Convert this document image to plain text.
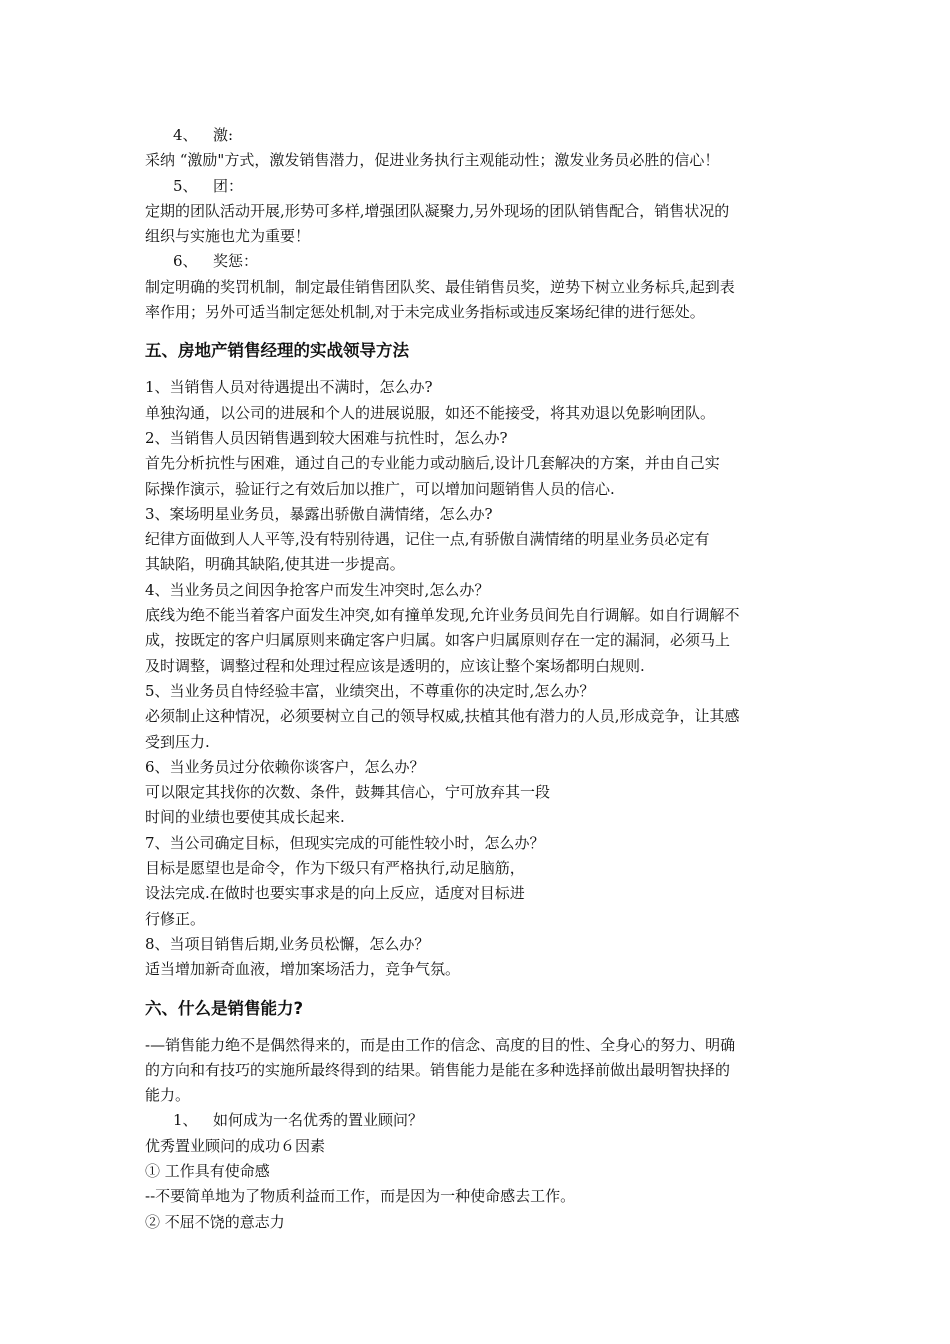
4、 激:
采纳 “激励"方式，激发销售潜力，促进业务执行主观能动性；激发业务员必胜的信心！
5、 团：
定期的团队活动开展,形势可多样,增强团队凝聚力,另外现场的团队销售配合，销售状况的
组织与实施也尤为重要！
6、 奖惩：
制定明确的奖罚机制，制定最佳销售团队奖、最佳销售员奖，逆势下树立业务标兵,起到表
率作用；另外可适当制定惩处机制,对于未完成业务指标或违反案场纪律的进行惩处。
五、房地产销售经理的实战领导方法
1、当销售人员对待遇提出不满时，怎么办?
单独沟通，以公司的进展和个人的进展说服，如还不能接受，将其劝退以免影响团队。
2、当销售人员因销售遇到较大困难与抗性时，怎么办?
首先分析抗性与困难，通过自己的专业能力或动脑后,设计几套解决的方案，并由自己实
际操作演示，验证行之有效后加以推广，可以增加问题销售人员的信心.
3、案场明星业务员，暴露出骄傲自满情绪，怎么办?
纪律方面做到人人平等,没有特别待遇，记住一点,有骄傲自满情绪的明星业务员必定有
其缺陷，明确其缺陷,使其进一步提高。
4、当业务员之间因争抢客户而发生冲突时,怎么办？
底线为绝不能当着客户面发生冲突,如有撞单发现,允许业务员间先自行调解。如自行调解不
成，按既定的客户归属原则来确定客户归属。如客户归属原则存在一定的漏洞，必须马上
及时调整，调整过程和处理过程应该是透明的，应该让整个案场都明白规则.
5、当业务员自恃经验丰富，业绩突出，不尊重你的决定时,怎么办？
必须制止这种情况，必须要树立自己的领导权威,扶植其他有潜力的人员,形成竞争，让其感
受到压力.
6、当业务员过分依赖你谈客户，怎么办？
可以限定其找你的次数、条件，鼓舞其信心，宁可放弃其一段
时间的业绩也要使其成长起来.
7、当公司确定目标，但现实完成的可能性较小时，怎么办？
目标是愿望也是命令，作为下级只有严格执行,动足脑筋，
设法完成.在做时也要实事求是的向上反应，适度对目标进
行修正。
8、当项目销售后期,业务员松懈，怎么办？
适当增加新奇血液，增加案场活力，竞争气氛。
六、什么是销售能力?
-—销售能力绝不是偶然得来的，而是由工作的信念、高度的目的性、全身心的努力、明确
的方向和有技巧的实施所最终得到的结果。销售能力是能在多种选择前做出最明智抉择的
能力。
1、 如何成为一名优秀的置业顾问？
优秀置业顾问的成功６因素
① 工作具有使命感
--不要简单地为了物质利益而工作，而是因为一种使命感去工作。
② 不屈不饶的意志力
